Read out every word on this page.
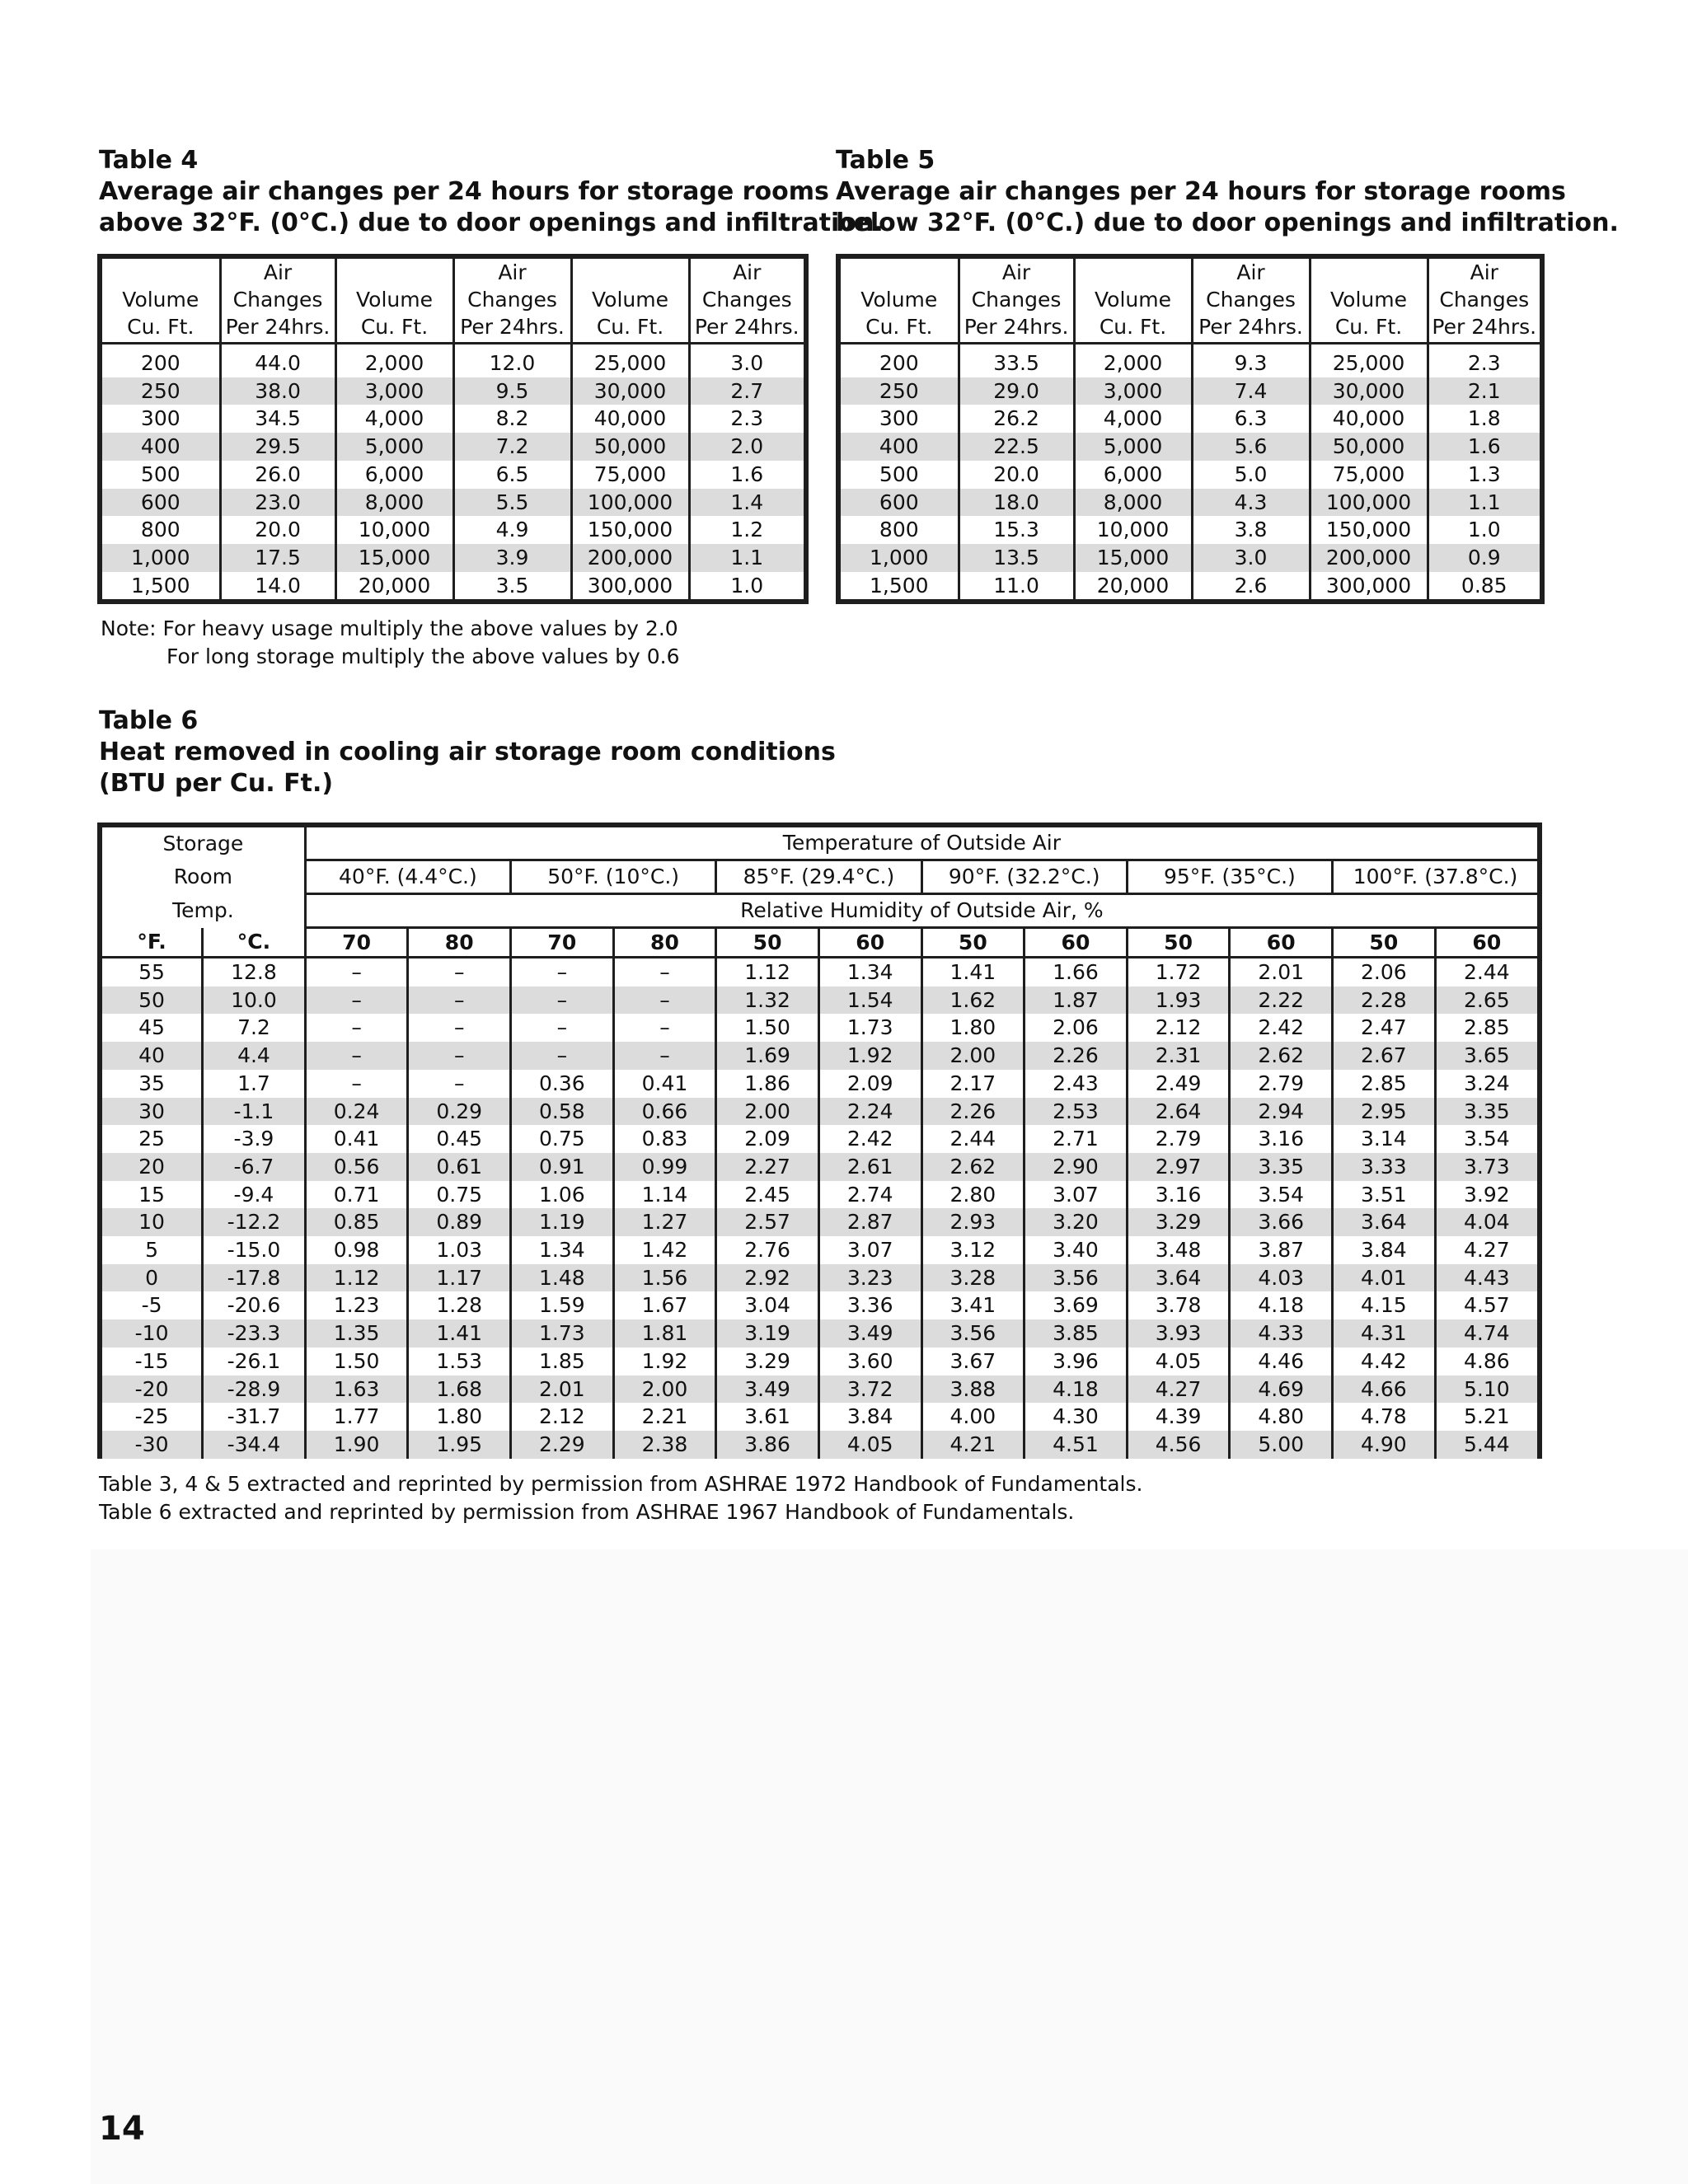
Table 4
Average air changes per 24 hours for storage rooms
above 32°F. (0°C.) due to door openings and infiltration.
Table 5
Average air changes per 24 hours for storage rooms
below 32°F. (0°C.) due to door openings and infiltration.
	Air		Air		Air
Volume	Changes	Volume	Changes	Volume	Changes
Cu. Ft.	Per 24hrs.	Cu. Ft.	Per 24hrs.	Cu. Ft.	Per 24hrs.
200	44.0	2,000	12.0	25,000	3.0
250	38.0	3,000	9.5	30,000	2.7
300	34.5	4,000	8.2	40,000	2.3
400	29.5	5,000	7.2	50,000	2.0
500	26.0	6,000	6.5	75,000	1.6
600	23.0	8,000	5.5	100,000	1.4
800	20.0	10,000	4.9	150,000	1.2
1,000	17.5	15,000	3.9	200,000	1.1
1,500	14.0	20,000	3.5	300,000	1.0
	Air		Air		Air
Volume	Changes	Volume	Changes	Volume	Changes
Cu. Ft.	Per 24hrs.	Cu. Ft.	Per 24hrs.	Cu. Ft.	Per 24hrs.
200	33.5	2,000	9.3	25,000	2.3
250	29.0	3,000	7.4	30,000	2.1
300	26.2	4,000	6.3	40,000	1.8
400	22.5	5,000	5.6	50,000	1.6
500	20.0	6,000	5.0	75,000	1.3
600	18.0	8,000	4.3	100,000	1.1
800	15.3	10,000	3.8	150,000	1.0
1,000	13.5	15,000	3.0	200,000	0.9
1,500	11.0	20,000	2.6	300,000	0.85
Note: For heavy usage multiply the above values by 2.0
For long storage multiply the above values by 0.6
Table 6
Heat removed in cooling air storage room conditions
(BTU per Cu. Ft.)
Storage		Temperature of Outside Air											
Room		40°F. (4.4°C.)		50°F. (10°C.)		85°F. (29.4°C.)		90°F. (32.2°C.)		95°F. (35°C.)		100°F. (37.8°C.)	
Temp.		Relative Humidity of Outside Air, %											
°F.	°C.	70	80	70	80	50	60	50	60	50	60	50	60
55	12.8	–	–	–	–	1.12	1.34	1.41	1.66	1.72	2.01	2.06	2.44
50	10.0	–	–	–	–	1.32	1.54	1.62	1.87	1.93	2.22	2.28	2.65
45	7.2	–	–	–	–	1.50	1.73	1.80	2.06	2.12	2.42	2.47	2.85
40	4.4	–	–	–	–	1.69	1.92	2.00	2.26	2.31	2.62	2.67	3.65
35	1.7	–	–	0.36	0.41	1.86	2.09	2.17	2.43	2.49	2.79	2.85	3.24
30	-1.1	0.24	0.29	0.58	0.66	2.00	2.24	2.26	2.53	2.64	2.94	2.95	3.35
25	-3.9	0.41	0.45	0.75	0.83	2.09	2.42	2.44	2.71	2.79	3.16	3.14	3.54
20	-6.7	0.56	0.61	0.91	0.99	2.27	2.61	2.62	2.90	2.97	3.35	3.33	3.73
15	-9.4	0.71	0.75	1.06	1.14	2.45	2.74	2.80	3.07	3.16	3.54	3.51	3.92
10	-12.2	0.85	0.89	1.19	1.27	2.57	2.87	2.93	3.20	3.29	3.66	3.64	4.04
5	-15.0	0.98	1.03	1.34	1.42	2.76	3.07	3.12	3.40	3.48	3.87	3.84	4.27
0	-17.8	1.12	1.17	1.48	1.56	2.92	3.23	3.28	3.56	3.64	4.03	4.01	4.43
-5	-20.6	1.23	1.28	1.59	1.67	3.04	3.36	3.41	3.69	3.78	4.18	4.15	4.57
-10	-23.3	1.35	1.41	1.73	1.81	3.19	3.49	3.56	3.85	3.93	4.33	4.31	4.74
-15	-26.1	1.50	1.53	1.85	1.92	3.29	3.60	3.67	3.96	4.05	4.46	4.42	4.86
-20	-28.9	1.63	1.68	2.01	2.00	3.49	3.72	3.88	4.18	4.27	4.69	4.66	5.10
-25	-31.7	1.77	1.80	2.12	2.21	3.61	3.84	4.00	4.30	4.39	4.80	4.78	5.21
-30	-34.4	1.90	1.95	2.29	2.38	3.86	4.05	4.21	4.51	4.56	5.00	4.90	5.44
Table 3, 4 & 5 extracted and reprinted by permission from ASHRAE 1972 Handbook of Fundamentals.
Table 6 extracted and reprinted by permission from ASHRAE 1967 Handbook of Fundamentals.
14
